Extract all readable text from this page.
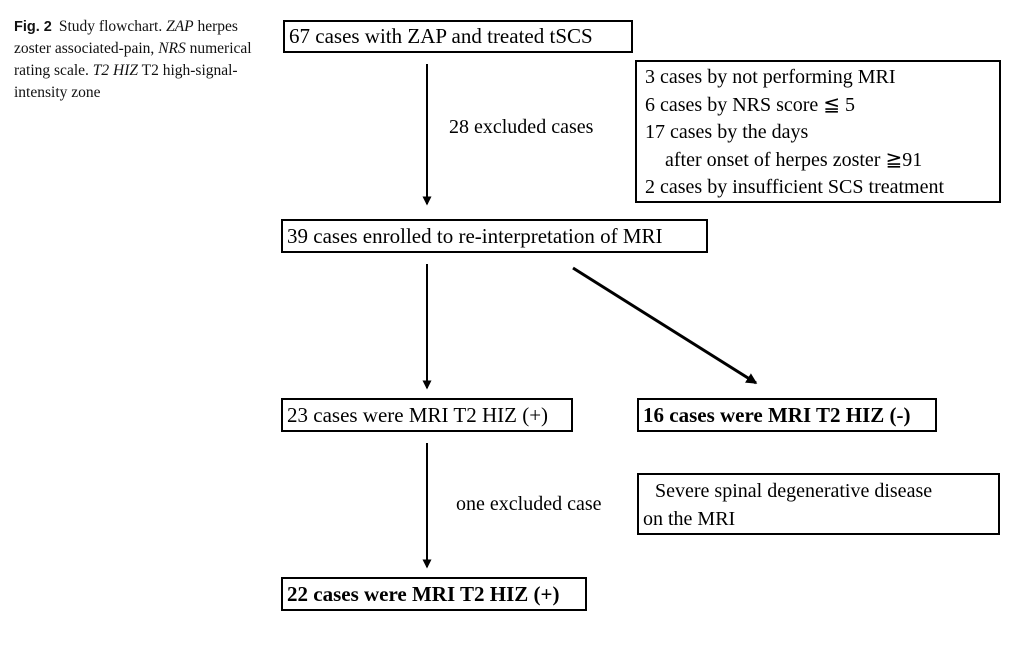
Fig. 2 Study flowchart. ZAP herpes zoster associated-pain, NRS numerical rating scale. T2 HIZ T2 high-signal-intensity zone
67 cases with ZAP and treated tSCS
3 cases by not performing MRI
6 cases by NRS score ≦ 5
17 cases by the days
after onset of herpes zoster ≧91
2 cases by insufficient SCS treatment
28 excluded cases
39 cases enrolled to re-interpretation of MRI
23 cases were MRI T2 HIZ (+)	16 cases were MRI T2 HIZ (-)
one excluded case
Severe spinal degenerative disease
on the MRI
22 cases were MRI T2 HIZ (+)
